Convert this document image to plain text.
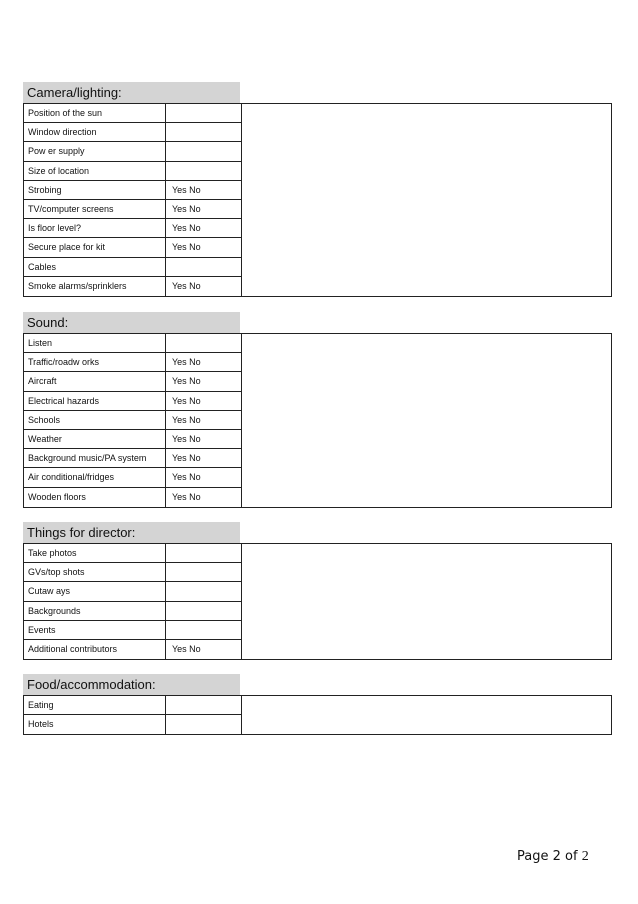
Camera/lighting:
Position of the sun
Window direction
Pow er supply
Size of location
Strobing	Yes No
TV/computer screens	Yes No
Is floor level?	Yes No
Secure place for kit	Yes No
Cables
Smoke alarms/sprinklers	Yes No
Sound:
Listen
Traffic/roadw orks	Yes No
Aircraft	Yes No
Electrical hazards	Yes No
Schools	Yes No
Weather	Yes No
Background music/PA system	Yes No
Air conditional/fridges	Yes No
Wooden floors	Yes No
Things for director:
Take photos
GVs/top shots
Cutaw ays
Backgrounds
Events
Additional contributors	Yes No
Food/accommodation:
Eating
Hotels
Page 2 of 2
